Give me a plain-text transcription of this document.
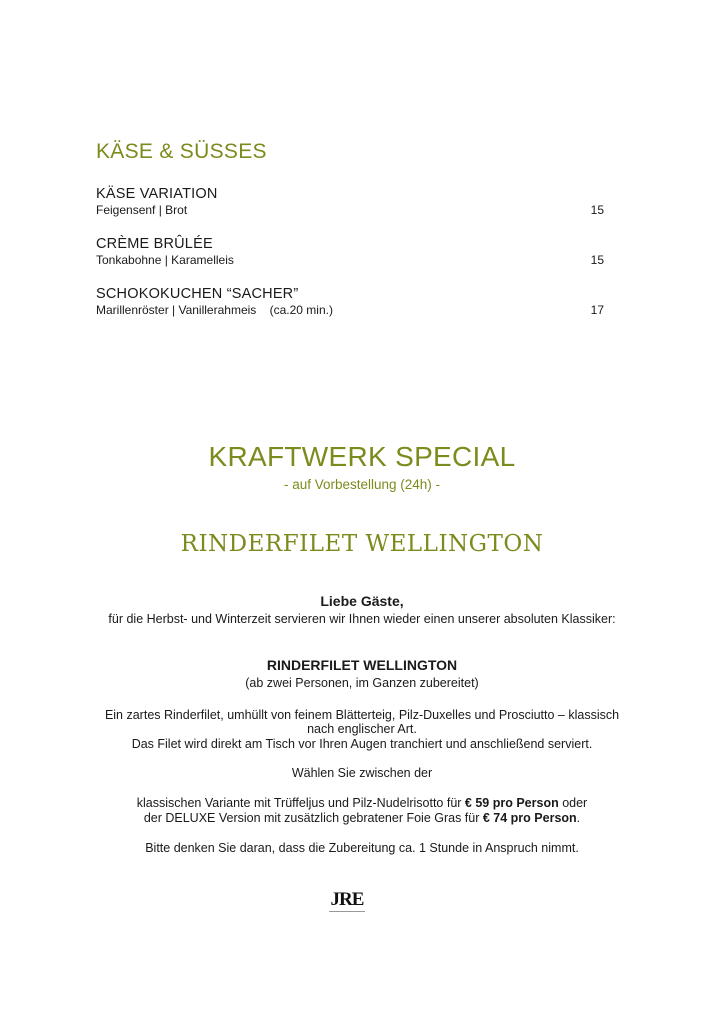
KÄSE & SÜSSES
KÄSE VARIATION
Feigensenf | Brot	15
CRÈME BRÛLÉE
Tonkabohne | Karamelleis	15
SCHOKOKUCHEN “SACHER”
Marillenröster | Vanillerahmeis    (ca.20 min.)	17
KRAFTWERK SPECIAL
- auf Vorbestellung (24h) -
RINDERFILET WELLINGTON
Liebe Gäste,
für die Herbst- und Winterzeit servieren wir Ihnen wieder einen unserer absoluten Klassiker:
RINDERFILET WELLINGTON
(ab zwei Personen, im Ganzen zubereitet)
Ein zartes Rinderfilet, umhüllt von feinem Blätterteig, Pilz-Duxelles und Prosciutto – klassisch
nach englischer Art.
Das Filet wird direkt am Tisch vor Ihren Augen tranchiert und anschließend serviert.
Wählen Sie zwischen der
klassischen Variante mit Trüffeljus und Pilz-Nudelrisotto für € 59 pro Person oder
der DELUXE Version mit zusätzlich gebratener Foie Gras für € 74 pro Person.
Bitte denken Sie daran, dass die Zubereitung ca. 1 Stunde in Anspruch nimmt.
JRE
